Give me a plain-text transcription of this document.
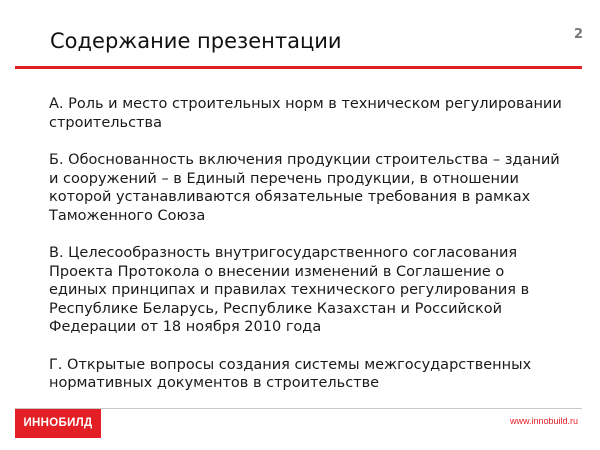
Содержание презентации	2

А. Роль и место строительных норм в техническом регулировании строительства

Б. Обоснованность включения продукции строительства – зданий и сооружений – в Единый перечень продукции, в отношении которой устанавливаются обязательные требования в рамках Таможенного Союза

В. Целесообразность внутригосударственного согласования Проекта Протокола о внесении изменений в Соглашение о единых принципах и правилах технического регулирования в Республике Беларусь, Республике Казахстан и Российской Федерации от 18 ноября 2010 года

Г. Открытые вопросы создания системы межгосударственных нормативных документов в строительстве

ИННОБИЛД	www.innobuild.ru
